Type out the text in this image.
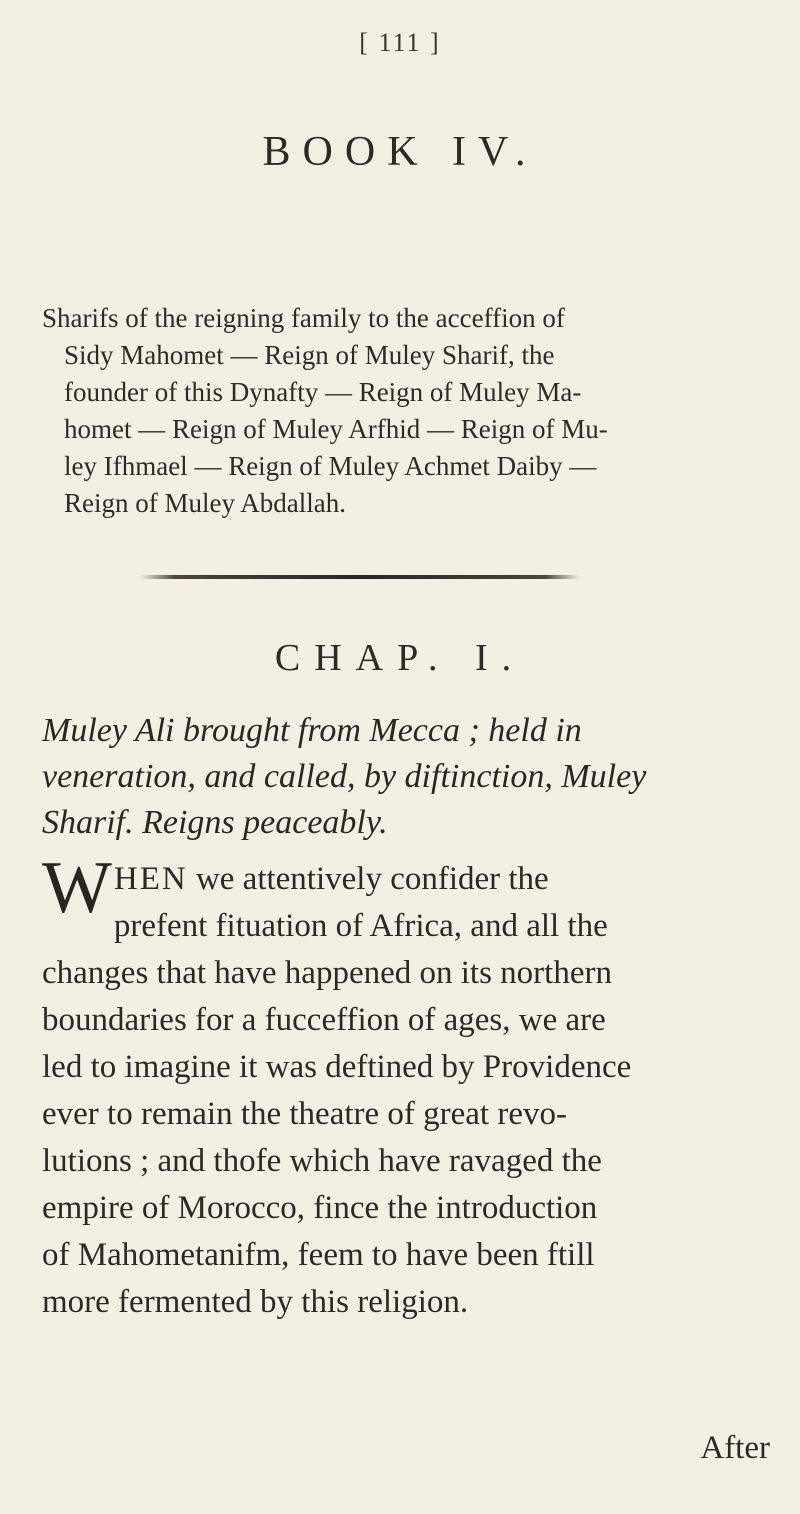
[ 111 ]
BOOK IV.
Sharifs of the reigning family to the acceffion of
Sidy Mahomet — Reign of Muley Sharif, the
founder of this Dynafty — Reign of Muley Ma-
homet — Reign of Muley Arfhid — Reign of Mu-
ley Ifhmael — Reign of Muley Achmet Daiby —
Reign of Muley Abdallah.
CHAP. I.
Muley Ali brought from Mecca ; held in
veneration, and called, by diftinction, Muley
Sharif. Reigns peaceably.
WHEN we attentively confider the
prefent fituation of Africa, and all the
changes that have happened on its northern
boundaries for a fucceffion of ages, we are
led to imagine it was deftined by Providence
ever to remain the theatre of great revo-
lutions ; and thofe which have ravaged the
empire of Morocco, fince the introduction
of Mahometanifm, feem to have been ftill
more fermented by this religion.
After
